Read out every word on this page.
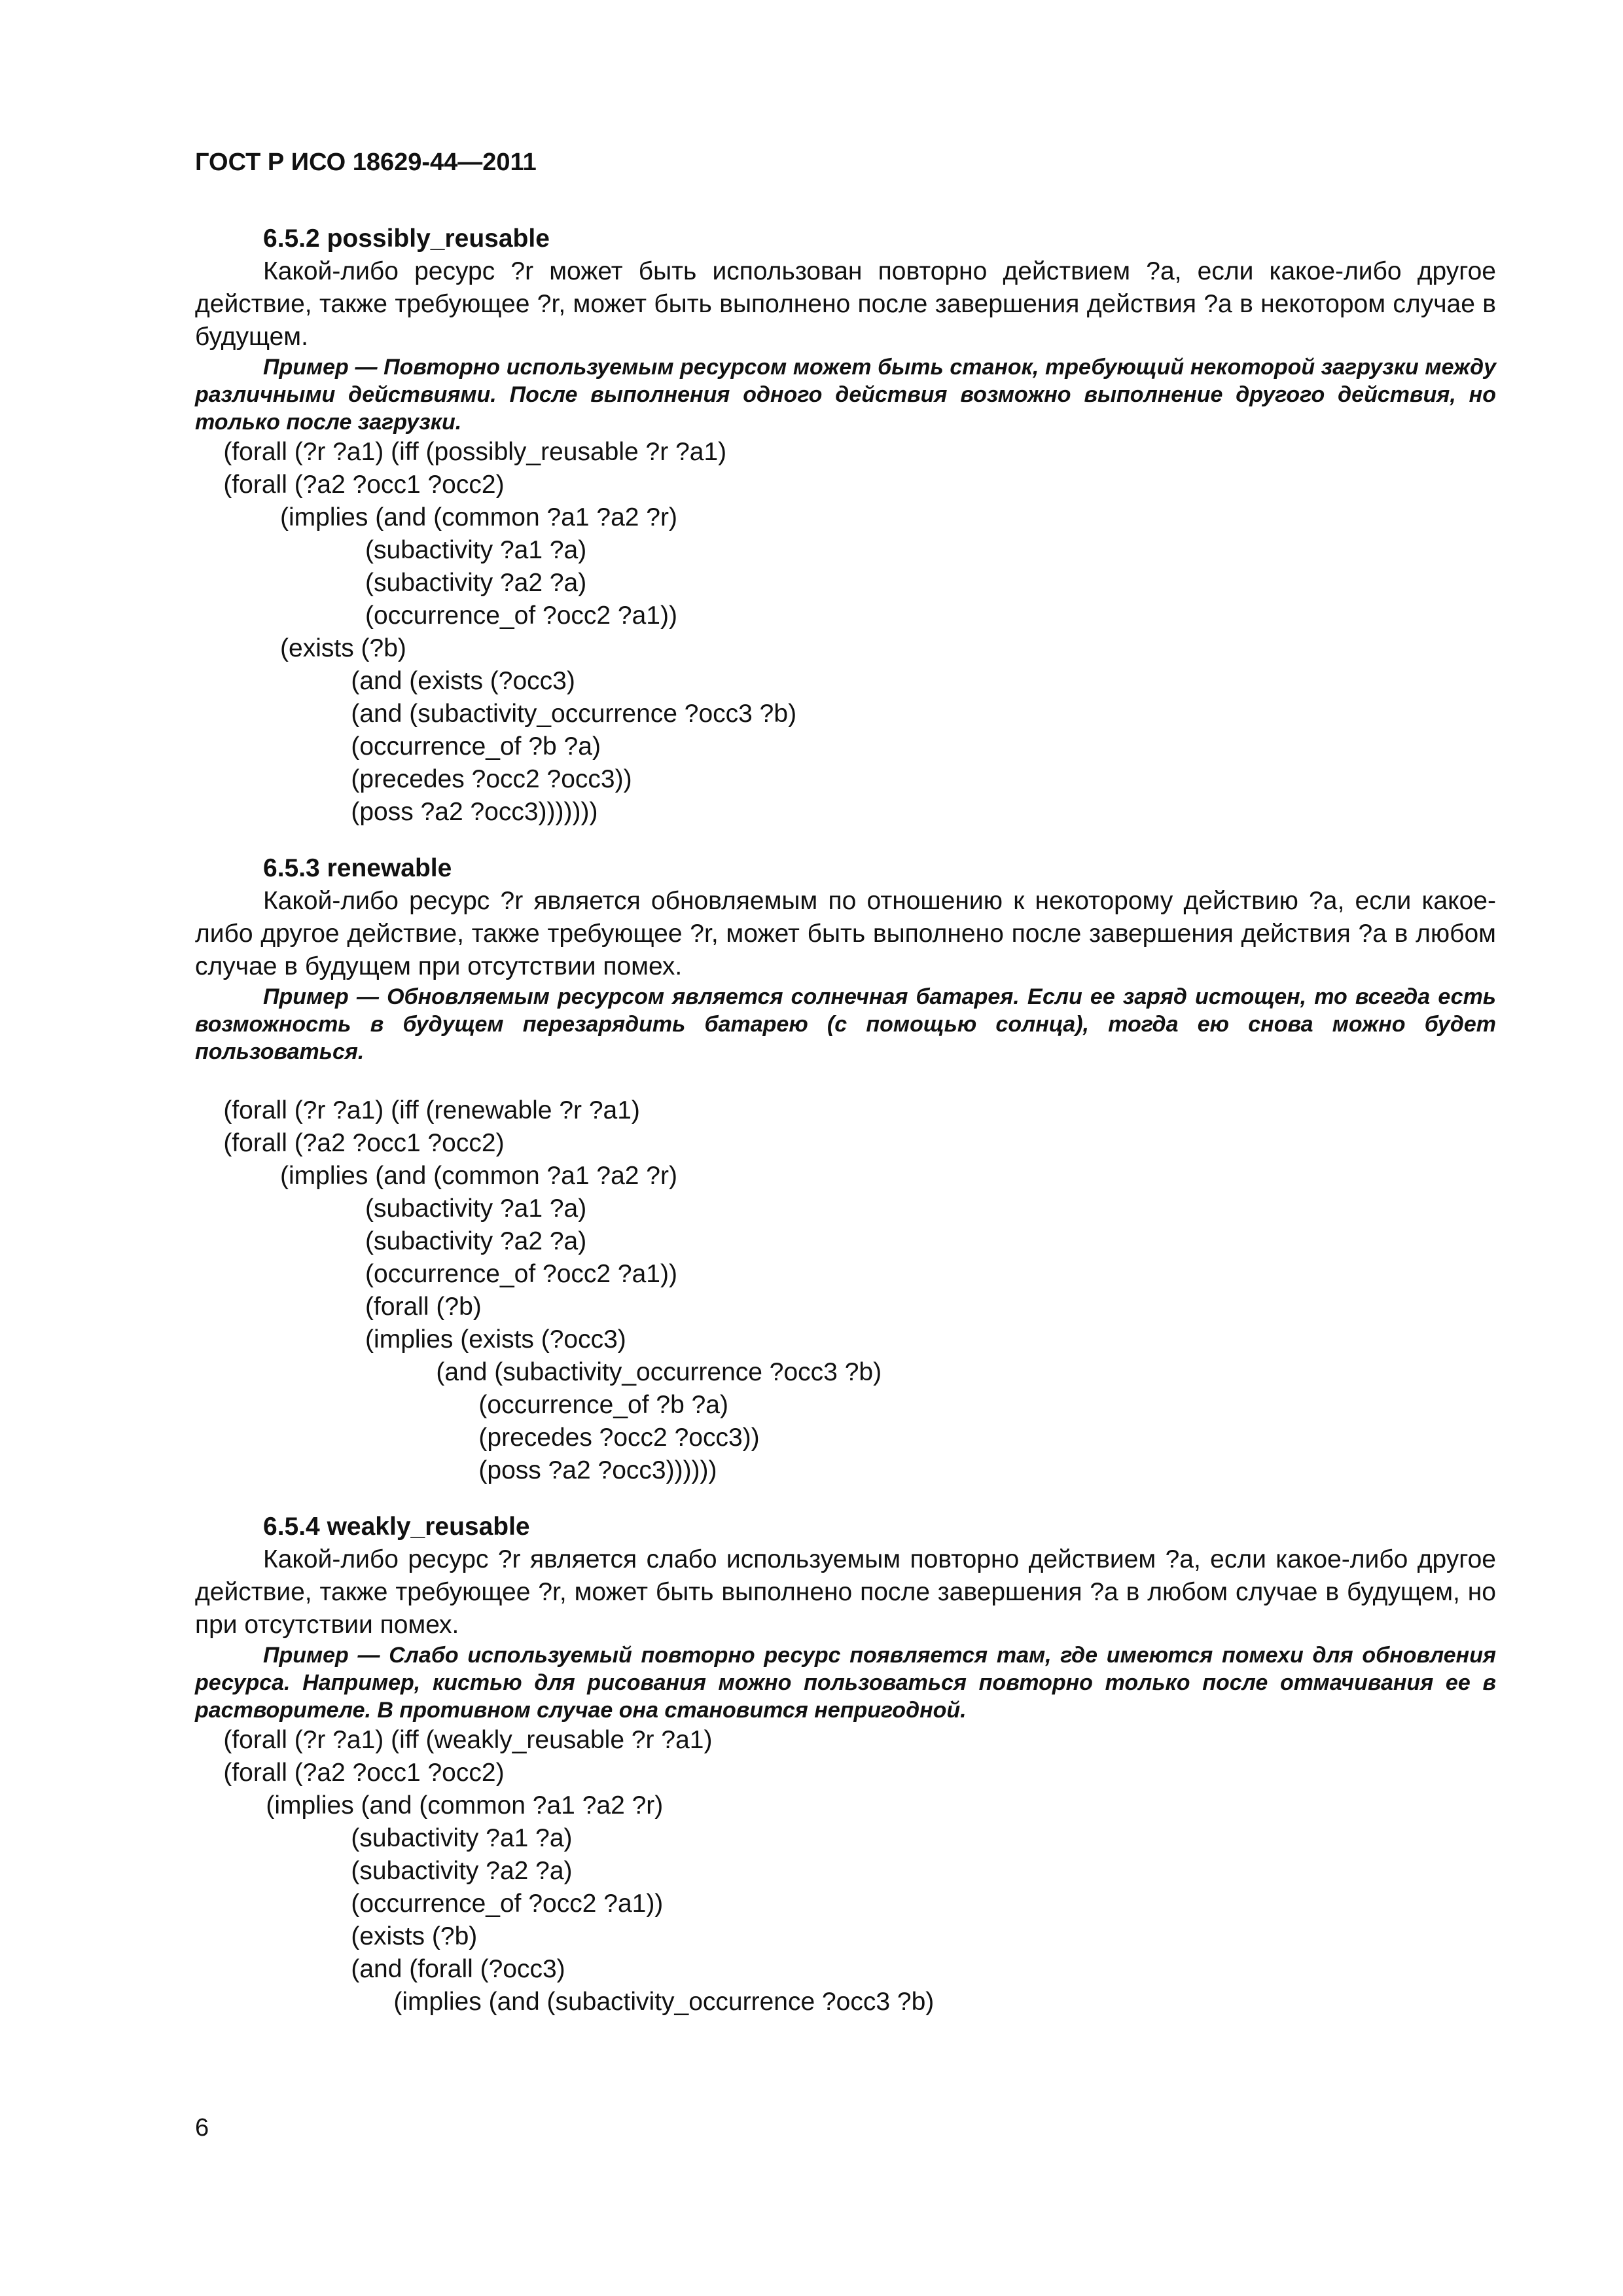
ГОСТ Р ИСО 18629-44—2011
6.5.2 possibly_reusable

Какой-либо ресурс ?r может быть использован повторно действием ?a, если какое-либо другое действие, также требующее ?r, может быть выполнено после завершения действия ?a в некотором случае в будущем.

Пример — Повторно используемым ресурсом может быть станок, требующий некоторой загрузки между различными действиями. После выполнения одного действия возможно выполнение другого действия, но только после загрузки.

(forall (?r ?a1) (iff (possibly_reusable ?r ?a1)
(forall (?a2 ?occ1 ?occ2)
(implies (and (common ?a1 ?a2 ?r)
(subactivity ?a1 ?a)
(subactivity ?a2 ?a)
(occurrence_of ?occ2 ?a1))
(exists (?b)
(and (exists (?occ3)
(and (subactivity_occurrence ?occ3 ?b)
(occurrence_of ?b ?a)
(precedes ?occ2 ?occ3))
(poss ?a2 ?occ3)))))))
6.5.3 renewable

Какой-либо ресурс ?r является обновляемым по отношению к некоторому действию ?a, если какое-либо другое действие, также требующее ?r, может быть выполнено после завершения действия ?a в любом случае в будущем при отсутствии помех.

Пример — Обновляемым ресурсом является солнечная батарея. Если ее заряд истощен, то всегда есть возможность в будущем перезарядить батарею (с помощью солнца), тогда ею снова можно будет пользоваться.

(forall (?r ?a1) (iff (renewable ?r ?a1)
(forall (?a2 ?occ1 ?occ2)
(implies (and (common ?a1 ?a2 ?r)
(subactivity ?a1 ?a)
(subactivity ?a2 ?a)
(occurrence_of ?occ2 ?a1))
(forall (?b)
(implies (exists (?occ3)
(and (subactivity_occurrence ?occ3 ?b)
(occurrence_of ?b ?a)
(precedes ?occ2 ?occ3))
(poss ?a2 ?occ3))))))
6.5.4 weakly_reusable

Какой-либо ресурс ?r является слабо используемым повторно действием ?a, если какое-либо другое действие, также требующее ?r, может быть выполнено после завершения ?a в любом случае в будущем, но при отсутствии помех.

Пример — Слабо используемый повторно ресурс появляется там, где имеются помехи для обновления ресурса. Например, кистью для рисования можно пользоваться повторно только после отмачивания ее в растворителе. В противном случае она становится непригодной.

(forall (?r ?a1) (iff (weakly_reusable ?r ?a1)
(forall (?a2 ?occ1 ?occ2)
(implies (and (common ?a1 ?a2 ?r)
(subactivity ?a1 ?a)
(subactivity ?a2 ?a)
(occurrence_of ?occ2 ?a1))
(exists (?b)
(and (forall (?occ3)
(implies (and (subactivity_occurrence ?occ3 ?b)
6
